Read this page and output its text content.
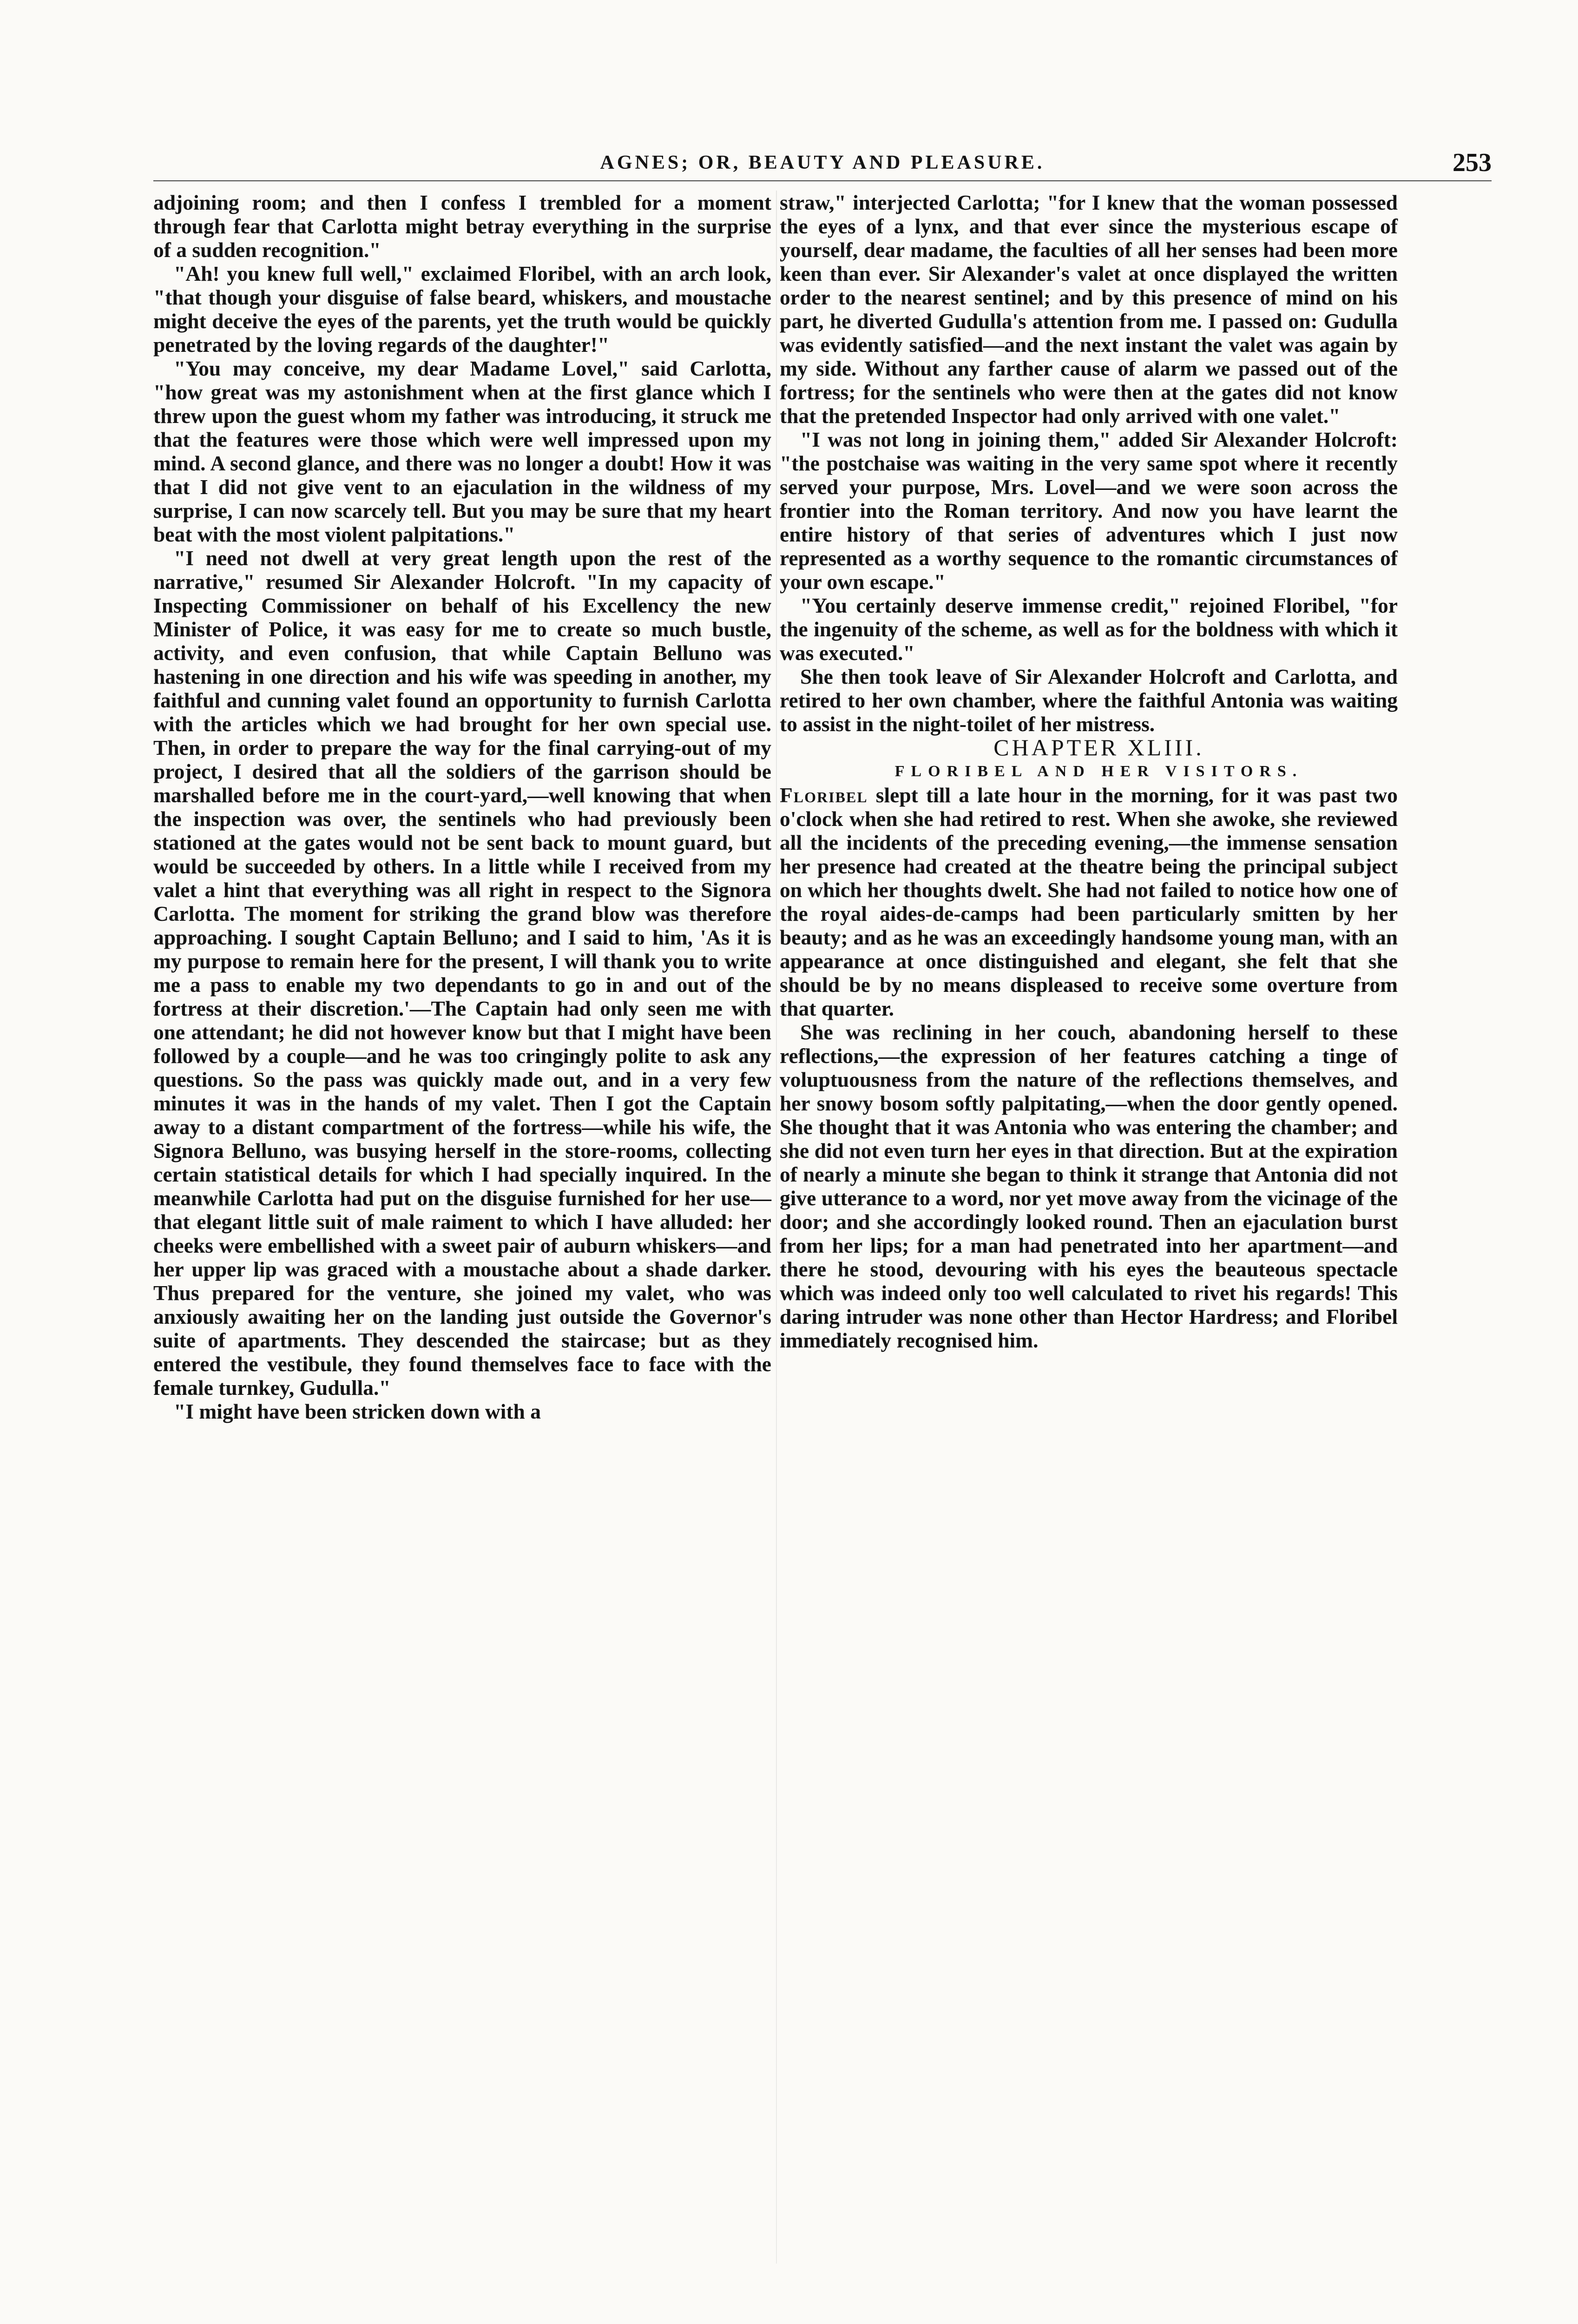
AGNES; OR, BEAUTY AND PLEASURE.	253

adjoining room; and then I confess I trembled for a moment through fear that Carlotta might betray everything in the surprise of a sudden recognition."

"Ah! you knew full well," exclaimed Floribel, with an arch look, "that though your disguise of false beard, whiskers, and moustache might deceive the eyes of the parents, yet the truth would be quickly penetrated by the loving regards of the daughter!"

"You may conceive, my dear Madame Lovel," said Carlotta, "how great was my astonishment when at the first glance which I threw upon the guest whom my father was introducing, it struck me that the features were those which were well impressed upon my mind. A second glance, and there was no longer a doubt! How it was that I did not give vent to an ejaculation in the wildness of my surprise, I can now scarcely tell. But you may be sure that my heart beat with the most violent palpitations."

"I need not dwell at very great length upon the rest of the narrative," resumed Sir Alexander Holcroft. "In my capacity of Inspecting Commissioner on behalf of his Excellency the new Minister of Police, it was easy for me to create so much bustle, activity, and even confusion, that while Captain Belluno was hastening in one direction and his wife was speeding in another, my faithful and cunning valet found an opportunity to furnish Carlotta with the articles which we had brought for her own special use. Then, in order to prepare the way for the final carrying-out of my project, I desired that all the soldiers of the garrison should be marshalled before me in the court-yard,—well knowing that when the inspection was over, the sentinels who had previously been stationed at the gates would not be sent back to mount guard, but would be succeeded by others. In a little while I received from my valet a hint that everything was all right in respect to the Signora Carlotta. The moment for striking the grand blow was therefore approaching. I sought Captain Belluno; and I said to him, 'As it is my purpose to remain here for the present, I will thank you to write me a pass to enable my two dependants to go in and out of the fortress at their discretion.'—The Captain had only seen me with one attendant; he did not however know but that I might have been followed by a couple—and he was too cringingly polite to ask any questions. So the pass was quickly made out, and in a very few minutes it was in the hands of my valet. Then I got the Captain away to a distant compartment of the fortress—while his wife, the Signora Belluno, was busying herself in the store-rooms, collecting certain statistical details for which I had specially inquired. In the meanwhile Carlotta had put on the disguise furnished for her use—that elegant little suit of male raiment to which I have alluded: her cheeks were embellished with a sweet pair of auburn whiskers—and her upper lip was graced with a moustache about a shade darker. Thus prepared for the venture, she joined my valet, who was anxiously awaiting her on the landing just outside the Governor's suite of apartments. They descended the staircase; but as they entered the vestibule, they found themselves face to face with the female turnkey, Gudulla."

"I might have been stricken down with a

straw," interjected Carlotta; "for I knew that the woman possessed the eyes of a lynx, and that ever since the mysterious escape of yourself, dear madame, the faculties of all her senses had been more keen than ever. Sir Alexander's valet at once displayed the written order to the nearest sentinel; and by this presence of mind on his part, he diverted Gudulla's attention from me. I passed on: Gudulla was evidently satisfied—and the next instant the valet was again by my side. Without any farther cause of alarm we passed out of the fortress; for the sentinels who were then at the gates did not know that the pretended Inspector had only arrived with one valet."

"I was not long in joining them," added Sir Alexander Holcroft: "the postchaise was waiting in the very same spot where it recently served your purpose, Mrs. Lovel—and we were soon across the frontier into the Roman territory. And now you have learnt the entire history of that series of adventures which I just now represented as a worthy sequence to the romantic circumstances of your own escape."

"You certainly deserve immense credit," rejoined Floribel, "for the ingenuity of the scheme, as well as for the boldness with which it was executed."

She then took leave of Sir Alexander Holcroft and Carlotta, and retired to her own chamber, where the faithful Antonia was waiting to assist in the night-toilet of her mistress.

CHAPTER XLIII.

FLORIBEL AND HER VISITORS.

Floribel slept till a late hour in the morning, for it was past two o'clock when she had retired to rest. When she awoke, she reviewed all the incidents of the preceding evening,—the immense sensation her presence had created at the theatre being the principal subject on which her thoughts dwelt. She had not failed to notice how one of the royal aides-de-camps had been particularly smitten by her beauty; and as he was an exceedingly handsome young man, with an appearance at once distinguished and elegant, she felt that she should be by no means displeased to receive some overture from that quarter.

She was reclining in her couch, abandoning herself to these reflections,—the expression of her features catching a tinge of voluptuousness from the nature of the reflections themselves, and her snowy bosom softly palpitating,—when the door gently opened. She thought that it was Antonia who was entering the chamber; and she did not even turn her eyes in that direction. But at the expiration of nearly a minute she began to think it strange that Antonia did not give utterance to a word, nor yet move away from the vicinage of the door; and she accordingly looked round. Then an ejaculation burst from her lips; for a man had penetrated into her apartment—and there he stood, devouring with his eyes the beauteous spectacle which was indeed only too well calculated to rivet his regards! This daring intruder was none other than Hector Hardress; and Floribel immediately recognised him.
